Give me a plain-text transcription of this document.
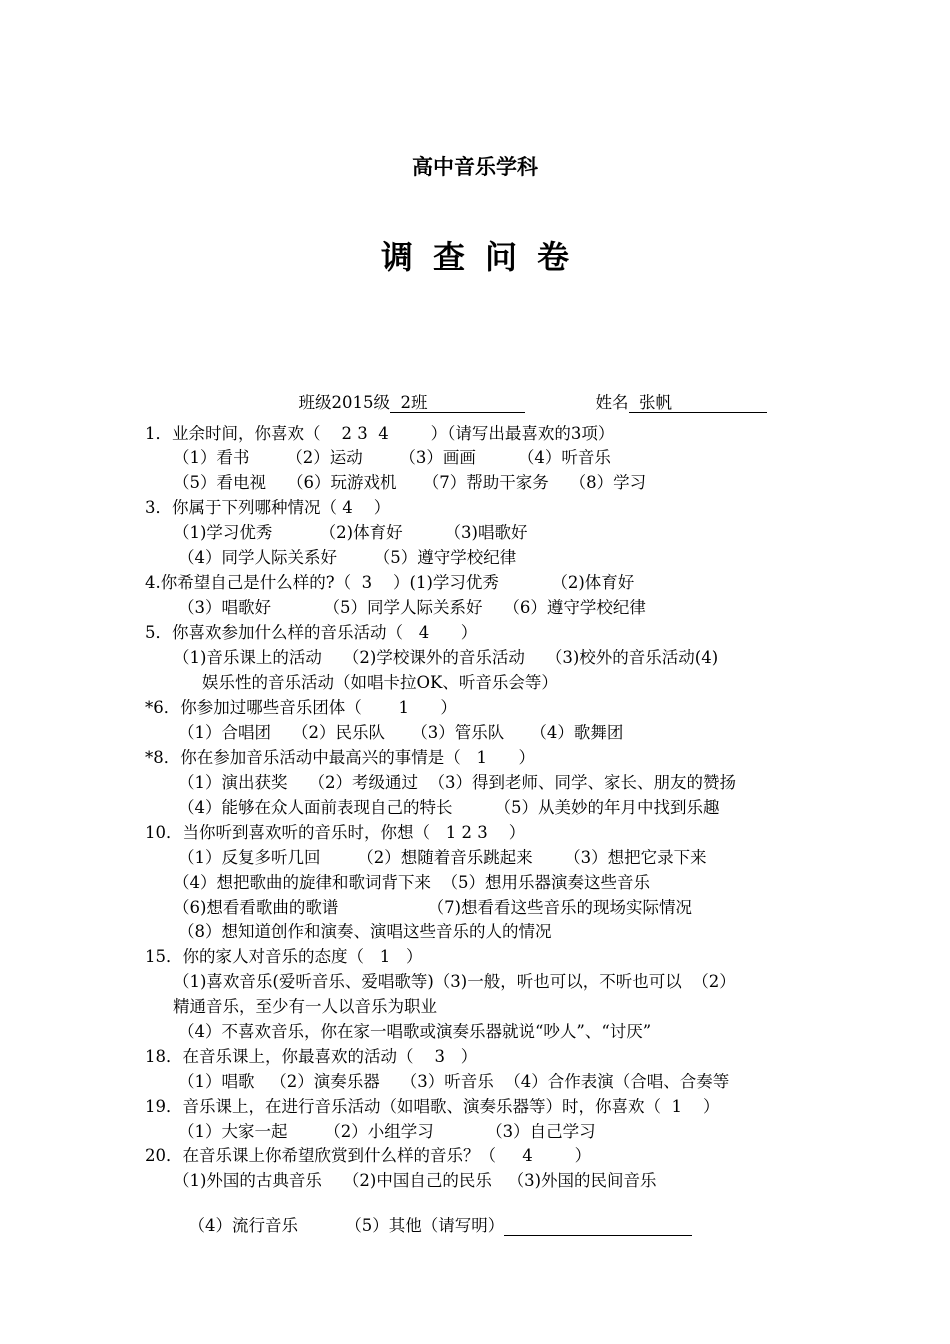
高中音乐学科
调查问卷

班级2015级  2班	姓名  张帆

1．业余时间，你喜欢（    2 3  4        ）（请写出最喜欢的3项）
（1）看书       （2）运动       （3）画画        （4）听音乐
（5）看电视    （6）玩游戏机     （7）帮助干家务    （8）学习
3．你属于下列哪种情况（ 4    ）
（1)学习优秀         （2)体育好        （3)唱歌好
（4）同学人际关系好       （5）遵守学校纪律
4.你希望自己是什么样的?（  3    ）(1)学习优秀          （2)体育好
（3）唱歌好          （5）同学人际关系好    （6）遵守学校纪律
5．你喜欢参加什么样的音乐活动（   4      ）
（1)音乐课上的活动    （2)学校课外的音乐活动    （3)校外的音乐活动(4)
娱乐性的音乐活动（如唱卡拉OK、听音乐会等）
*6．你参加过哪些音乐团体（       1      ）
（1）合唱团    （2）民乐队     （3）管乐队     （4）歌舞团
*8．你在参加音乐活动中最高兴的事情是（   1      ）
（1）演出获奖    （2）考级通过  （3）得到老师、同学、家长、朋友的赞扬
（4）能够在众人面前表现自己的特长        （5）从美妙的年月中找到乐趣
10．当你听到喜欢听的音乐时，你想（   1 2 3    ）
（1）反复多听几回       （2）想随着音乐跳起来      （3）想把它录下来
（4）想把歌曲的旋律和歌词背下来  （5）想用乐器演奏这些音乐
（6)想看看歌曲的歌谱                 （7)想看看这些音乐的现场实际情况
（8）想知道创作和演奏、演唱这些音乐的人的情况
15．你的家人对音乐的态度（   1   ）
（1)喜欢音乐(爱听音乐、爱唱歌等)（3)一般，听也可以，不听也可以  （2）
精通音乐，至少有一人以音乐为职业
（4）不喜欢音乐，你在家一唱歌或演奏乐器就说“吵人”、“讨厌”
18．在音乐课上，你最喜欢的活动（    3   ）
（1）唱歌   （2）演奏乐器    （3）听音乐  （4）合作表演（合唱、合奏等
19．音乐课上，在进行音乐活动（如唱歌、演奏乐器等）时，你喜欢（  1    ）
（1）大家一起       （2）小组学习          （3）自己学习
20．在音乐课上你希望欣赏到什么样的音乐？（     4        ）
（1)外国的古典音乐    （2)中国自己的民乐   （3)外国的民间音乐

（4）流行音乐         （5）其他（请写明）
